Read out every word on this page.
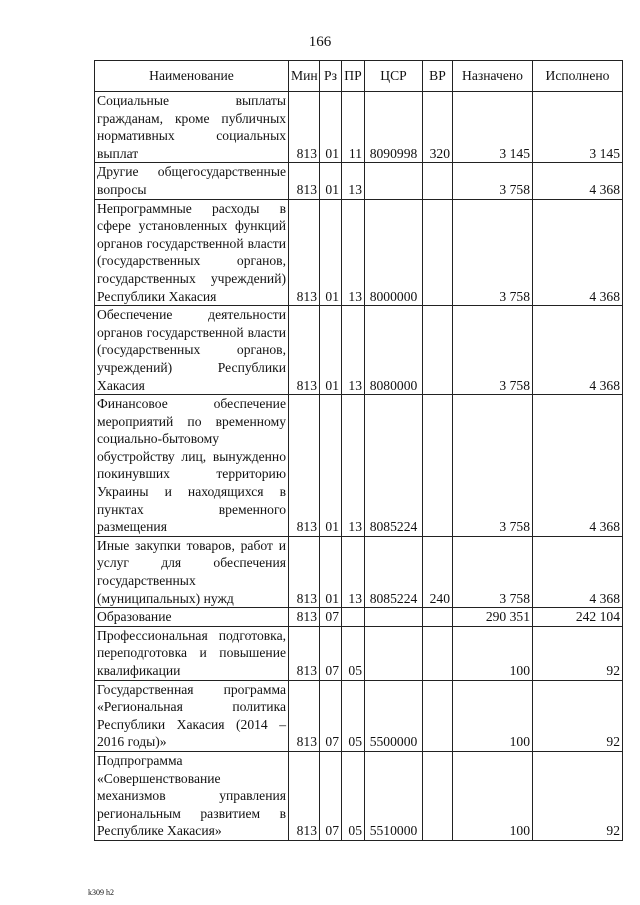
166
Наименование	Мин	Рз	ПР	ЦСР	ВР	Назначено	Исполнено
Социальные выплаты гражданам, кроме публичных нормативных социальных выплат	813	01	11	8090998	320	3 145	3 145
Другие общегосударственные вопросы	813	01	13			3 758	4 368
Непрограммные расходы в сфере установленных функций органов государственной власти (государственных органов, государственных учреждений) Республики Хакасия	813	01	13	8000000		3 758	4 368
Обеспечение деятельности органов государственной власти (государственных органов, учреждений) Республики Хакасия	813	01	13	8080000		3 758	4 368
Финансовое обеспечение мероприятий по временному социально-бытовому обустройству лиц, вынужденно покинувших территорию Украины и находящихся в пунктах временного размещения	813	01	13	8085224		3 758	4 368
Иные закупки товаров, работ и услуг для обеспечения государственных (муниципальных) нужд	813	01	13	8085224	240	3 758	4 368
Образование	813	07				290 351	242 104
Профессиональная подготовка, переподготовка и повышение квалификации	813	07	05			100	92
Государственная программа «Региональная политика Республики Хакасия (2014 – 2016 годы)»	813	07	05	5500000		100	92
Подпрограмма «Совершенствование механизмов управления региональным развитием в Республике Хакасия»	813	07	05	5510000		100	92
k309 h2
